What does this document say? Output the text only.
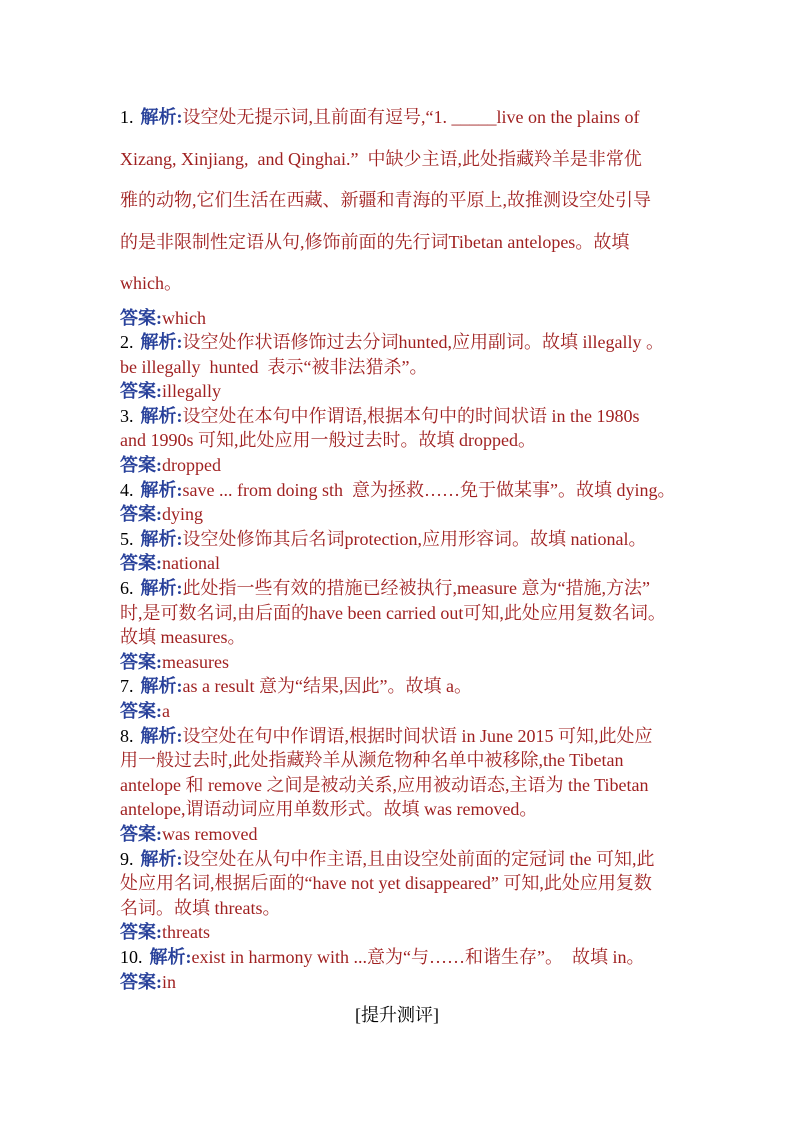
1. 解析:设空处无提示词,且前面有逗号,“1. _____live on the plains of
Xizang, Xinjiang,  and Qinghai.”  中缺少主语,此处指藏羚羊是非常优
雅的动物,它们生活在西藏、新疆和青海的平原上,故推测设空处引导
的是非限制性定语从句,修饰前面的先行词Tibetan antelopes。故填
which。
答案:which
2. 解析:设空处作状语修饰过去分词hunted,应用副词。故填 illegally 。
be illegally  hunted  表示“被非法猎杀”。
答案:illegally
3. 解析:设空处在本句中作谓语,根据本句中的时间状语 in the 1980s
and 1990s 可知,此处应用一般过去时。故填 dropped。
答案:dropped
4. 解析:save ... from doing sth  意为拯救……免于做某事”。故填 dying。
答案:dying
5. 解析:设空处修饰其后名词protection,应用形容词。故填 national。
答案:national
6. 解析:此处指一些有效的措施已经被执行,measure 意为“措施,方法”
时,是可数名词,由后面的have been carried out可知,此处应用复数名词。
故填 measures。
答案:measures
7. 解析:as a result 意为“结果,因此”。故填 a。
答案:a
8. 解析:设空处在句中作谓语,根据时间状语 in June 2015 可知,此处应
用一般过去时,此处指藏羚羊从濒危物种名单中被移除,the Tibetan
antelope 和 remove 之间是被动关系,应用被动语态,主语为 the Tibetan
antelope,谓语动词应用单数形式。故填 was removed。
答案:was removed
9. 解析:设空处在从句中作主语,且由设空处前面的定冠词 the 可知,此
处应用名词,根据后面的“have not yet disappeared” 可知,此处应用复数
名词。故填 threats。
答案:threats
10. 解析:exist in harmony with ...意为“与……和谐生存”。  故填 in。
答案:in
[提升测评]
